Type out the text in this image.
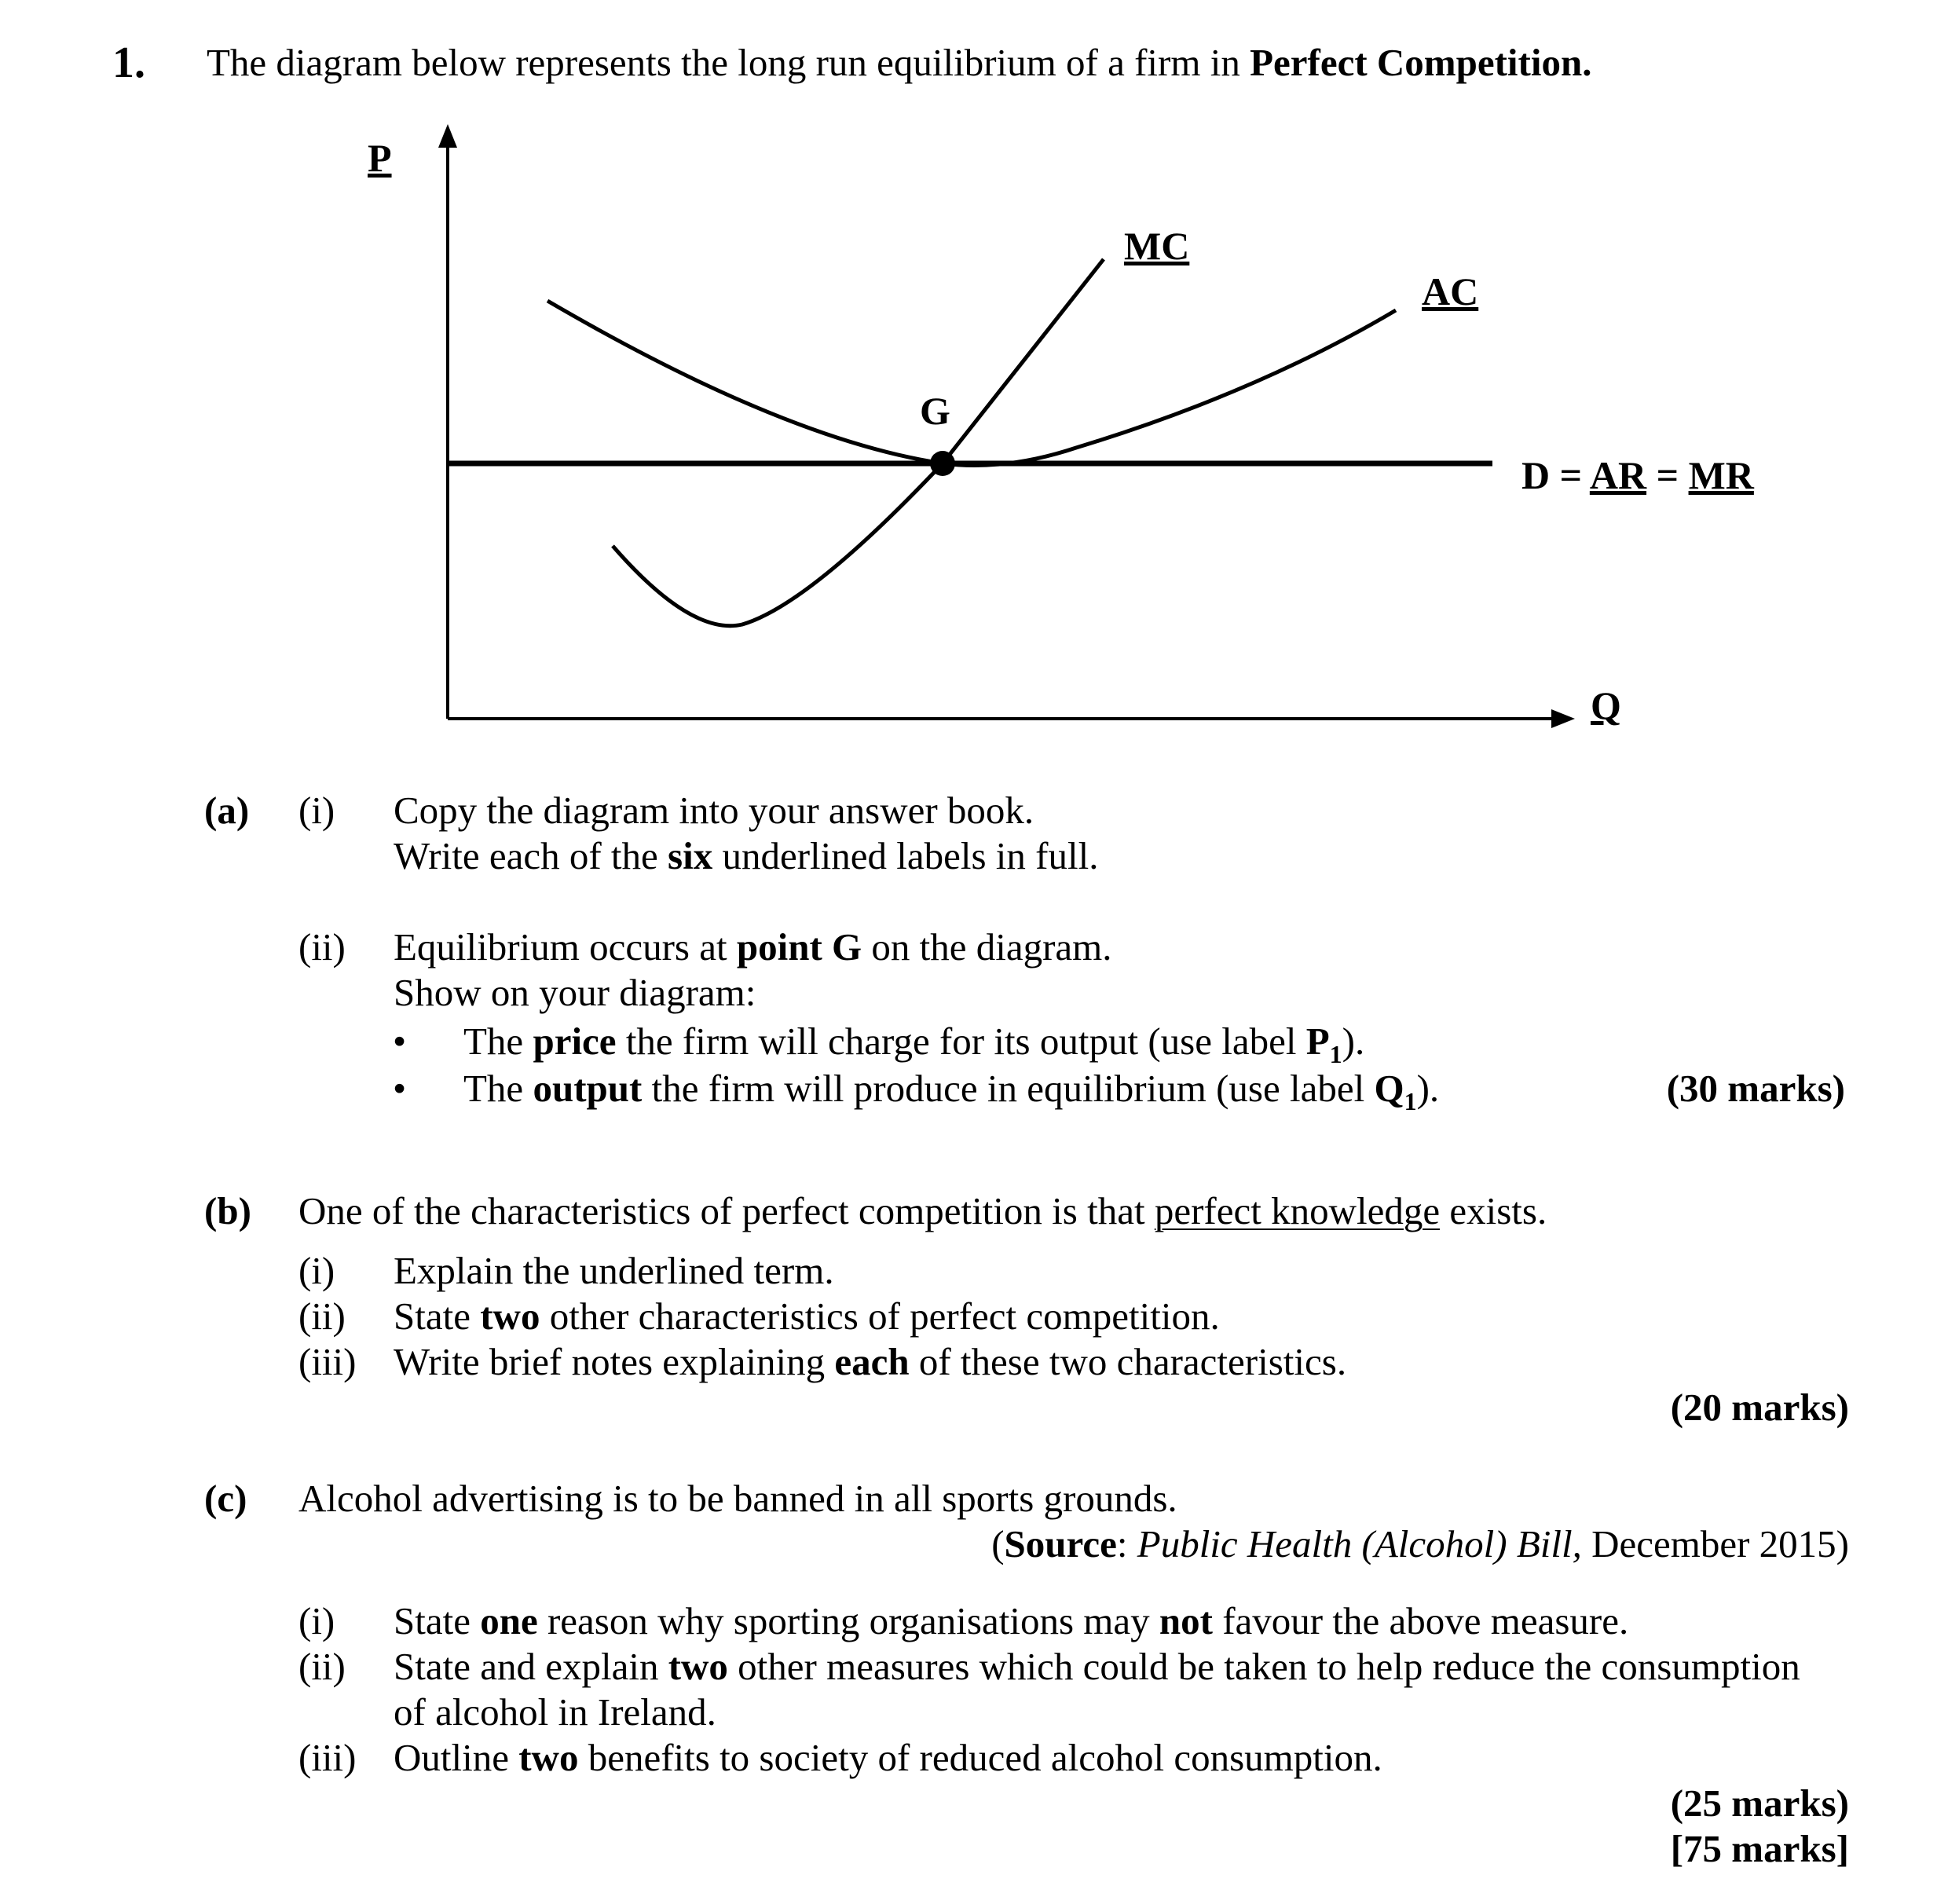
1. The diagram below represents the long run equilibrium of a firm in Perfect Competition.
P
Q
MC
AC
G
D = AR = MR
(a) (i) Copy the diagram into your answer book.
Write each of the six underlined labels in full.
(ii) Equilibrium occurs at point G on the diagram.
Show on your diagram:
• The price the firm will charge for its output (use label $P_1$).
• The output the firm will produce in equilibrium (use label $Q_1$).	(30 marks)
(b) One of the characteristics of perfect competition is that perfect knowledge exists.
(i) Explain the underlined term.
(ii) State two other characteristics of perfect competition.
(iii) Write brief notes explaining each of these two characteristics.
(20 marks)
(c) Alcohol advertising is to be banned in all sports grounds.
(Source: Public Health (Alcohol) Bill, December 2015)
(i) State one reason why sporting organisations may not favour the above measure.
(ii) State and explain two other measures which could be taken to help reduce the consumption
of alcohol in Ireland.
(iii) Outline two benefits to society of reduced alcohol consumption.
(25 marks)
[75 marks]
